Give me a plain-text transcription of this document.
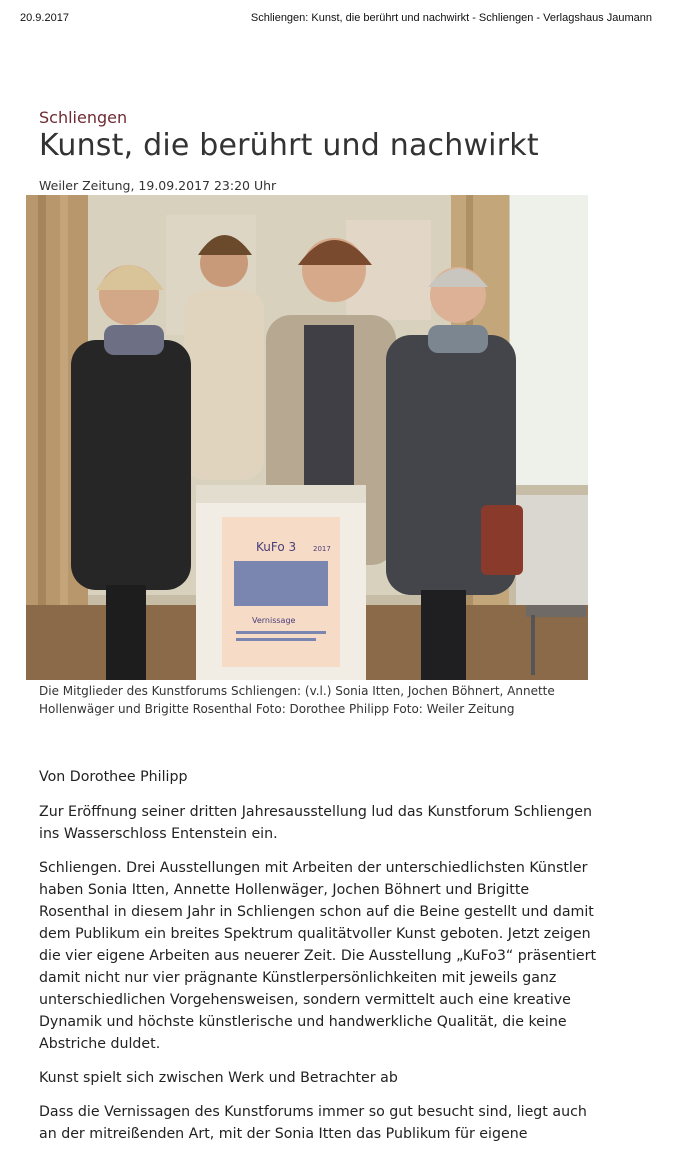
20.9.2017	Schliengen: Kunst, die berührt und nachwirkt - Schliengen - Verlagshaus Jaumann
Schliengen
Kunst, die berührt und nachwirkt
Weiler Zeitung, 19.09.2017 23:20 Uhr
KuFo 3 2017
Vernissage
Die Mitglieder des Kunstforums Schliengen: (v.l.) Sonia Itten, Jochen Böhnert, Annette Hollenwäger und Brigitte Rosenthal Foto: Dorothee Philipp Foto: Weiler Zeitung

Von Dorothee Philipp

Zur Eröffnung seiner dritten Jahresausstellung lud das Kunstforum Schliengen ins Wasserschloss Entenstein ein.

Schliengen. Drei Ausstellungen mit Arbeiten der unterschiedlichsten Künstler haben Sonia Itten, Annette Hollenwäger, Jochen Böhnert und Brigitte Rosenthal in diesem Jahr in Schliengen schon auf die Beine gestellt und damit dem Publikum ein breites Spektrum qualitätvoller Kunst geboten. Jetzt zeigen die vier eigene Arbeiten aus neuerer Zeit. Die Ausstellung „KuFo3“ präsentiert damit nicht nur vier prägnante Künstlerpersönlichkeiten mit jeweils ganz unterschiedlichen Vorgehensweisen, sondern vermittelt auch eine kreative Dynamik und höchste künstlerische und handwerkliche Qualität, die keine Abstriche duldet.

Kunst spielt sich zwischen Werk und Betrachter ab

Dass die Vernissagen des Kunstforums immer so gut besucht sind, liegt auch an der mitreißenden Art, mit der Sonia Itten das Publikum für eigene
